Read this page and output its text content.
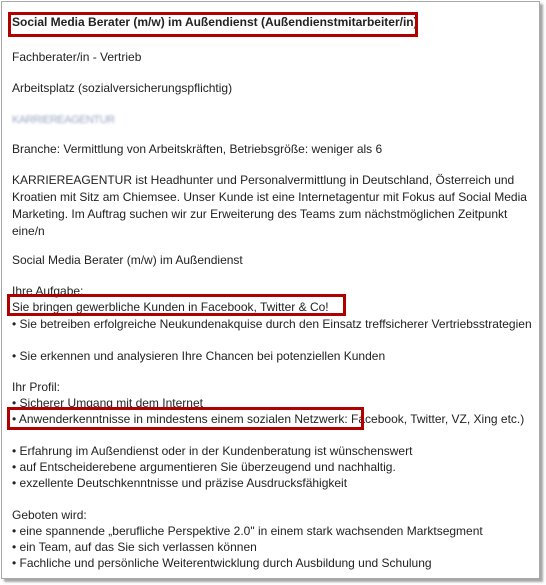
Social Media Berater (m/w) im Außendienst (Außendienstmitarbeiter/in)
Fachberater/in - Vertrieb
Arbeitsplatz (sozialversicherungspflichtig)
KARRIEREAGENTUR
Branche: Vermittlung von Arbeitskräften, Betriebsgröße: weniger als 6
KARRIEREAGENTUR ist Headhunter und Personalvermittlung in Deutschland, Österreich und Kroatien mit Sitz am Chiemsee. Unser Kunde ist eine Internetagentur mit Fokus auf Social Media Marketing. Im Auftrag suchen wir zur Erweiterung des Teams zum nächstmöglichen Zeitpunkt eine/n
Social Media Berater (m/w) im Außendienst
Ihre Aufgabe:
Sie bringen gewerbliche Kunden in Facebook, Twitter & Co!
• Sie betreiben erfolgreiche Neukundenakquise durch den Einsatz treffsicherer Vertriebsstrategien
• Sie erkennen und analysieren Ihre Chancen bei potenziellen Kunden
Ihr Profil:
• Sicherer Umgang mit dem Internet
• Anwenderkenntnisse in mindestens einem sozialen Netzwerk: Facebook, Twitter, VZ, Xing etc.)
• Erfahrung im Außendienst oder in der Kundenberatung ist wünschenswert
• auf Entscheiderebene argumentieren Sie überzeugend und nachhaltig.
• exzellente Deutschkenntnisse und präzise Ausdrucksfähigkeit
Geboten wird:
• eine spannende „berufliche Perspektive 2.0" in einem stark wachsenden Marktsegment
• ein Team, auf das Sie sich verlassen können
• Fachliche und persönliche Weiterentwicklung durch Ausbildung und Schulung
